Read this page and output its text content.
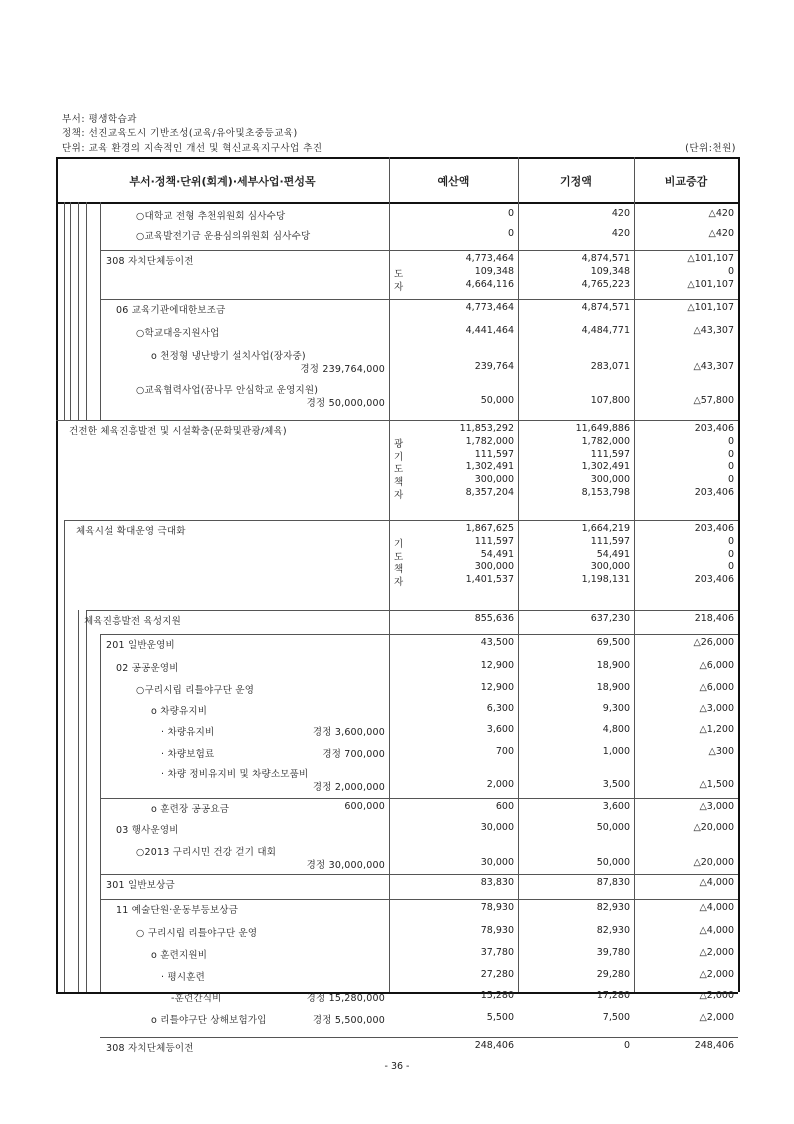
부서: 평생학습과
정책: 선진교육도시 기반조성(교육/유아및초중등교육)
단위: 교육 환경의 지속적인 개선 및 혁신교육지구사업 추진	(단위:천원)
부서·정책·단위(회계)·세부사업·편성목	예산액	기정액	비교증감
○대학교 전형 추천위원회 심사수당	0	420	△420
○교육발전기금 운용심의위원회 심사수당	0	420	△420
308 자치단체등이전	4,773,464	4,874,571	△101,107
도	109,348	109,348	0
자	4,664,116	4,765,223	△101,107
06 교육기관에대한보조금	4,773,464	4,874,571	△101,107
○학교대응지원사업	4,441,464	4,484,771	△43,307
o 천정형 냉난방기 설치사업(장자중)
경정 239,764,000	239,764	283,071	△43,307
○교육협력사업(꿈나무 안심학교 운영지원)
경정 50,000,000	50,000	107,800	△57,800
건전한 체육진흥발전 및 시설확충(문화및관광/체육)	11,853,292	11,649,886	203,406
광	1,782,000	1,782,000	0
기	111,597	111,597	0
도	1,302,491	1,302,491	0
책	300,000	300,000	0
자	8,357,204	8,153,798	203,406
체육시설 확대운영 극대화	1,867,625	1,664,219	203,406
기	111,597	111,597	0
도	54,491	54,491	0
책	300,000	300,000	0
자	1,401,537	1,198,131	203,406
체육진흥발전 육성지원	855,636	637,230	218,406
201 일반운영비	43,500	69,500	△26,000
02 공공운영비	12,900	18,900	△6,000
○구리시립 리틀야구단 운영	12,900	18,900	△6,000
o 차량유지비	6,300	9,300	△3,000
· 차량유지비	경정 3,600,000	3,600	4,800	△1,200
· 차량보험료	경정 700,000	700	1,000	△300
· 차량 정비유지비 및 차량소모품비
경정 2,000,000	2,000	3,500	△1,500
o 훈련장 공공요금	600,000	600	3,600	△3,000
03 행사운영비	30,000	50,000	△20,000
○2013 구리시민 건강 걷기 대회
경정 30,000,000	30,000	50,000	△20,000
301 일반보상금	83,830	87,830	△4,000
11 예술단원·운동부등보상금	78,930	82,930	△4,000
○ 구리시립 리틀야구단 운영	78,930	82,930	△4,000
o 훈련지원비	37,780	39,780	△2,000
· 평시훈련	27,280	29,280	△2,000
-훈련간식비	경정 15,280,000	15,280	17,280	△2,000
o 리틀야구단 상해보험가입	경정 5,500,000	5,500	7,500	△2,000
308 자치단체등이전	248,406	0	248,406
- 36 -
